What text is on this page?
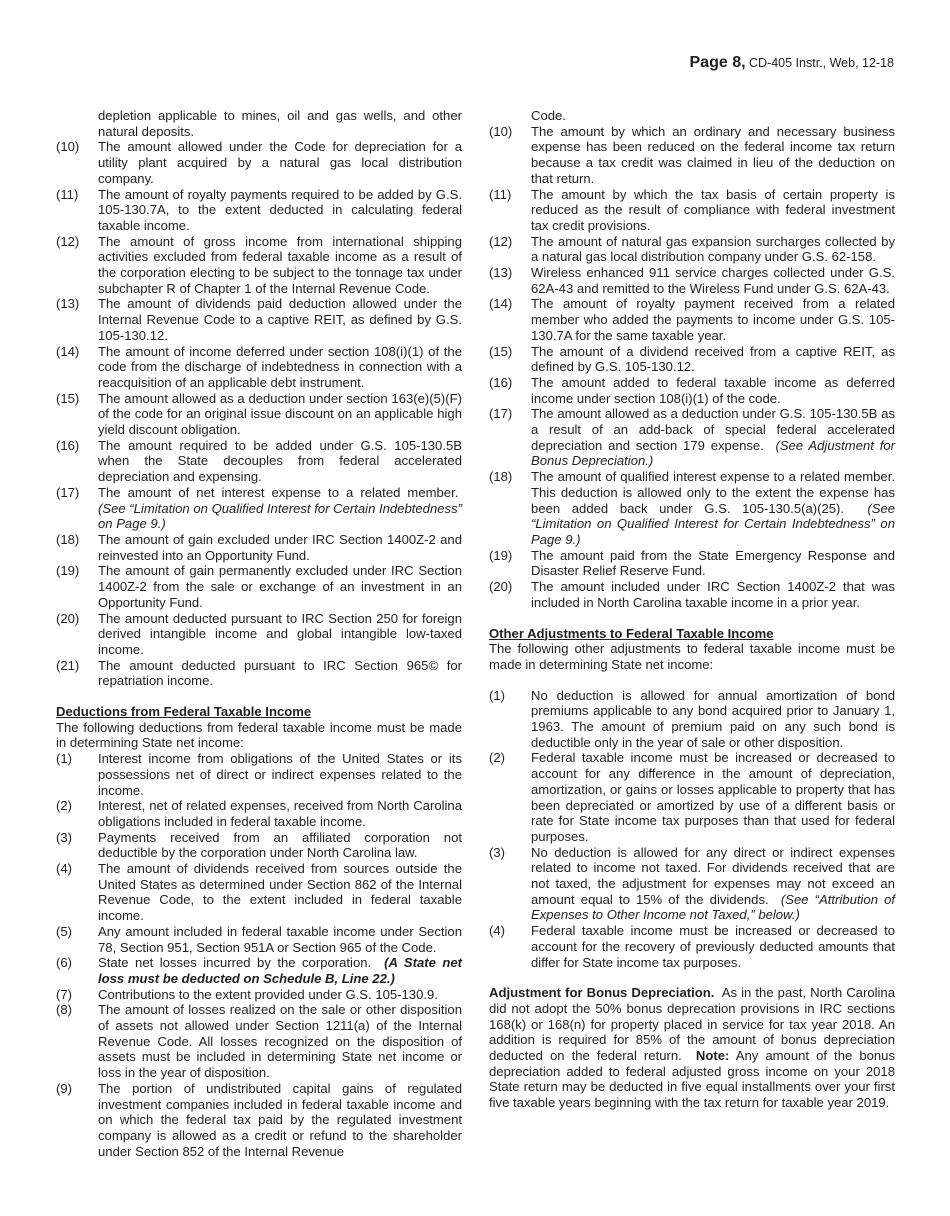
Page 8, CD-405 Instr., Web, 12-18
depletion applicable to mines, oil and gas wells, and other natural deposits.
(10)	The amount allowed under the Code for depreciation for a utility plant acquired by a natural gas local distribution company.
(11)	The amount of royalty payments required to be added by G.S. 105-130.7A, to the extent deducted in calculating federal taxable income.
(12)	The amount of gross income from international shipping activities excluded from federal taxable income as a result of the corporation electing to be subject to the tonnage tax under subchapter R of Chapter 1 of the Internal Revenue Code.
(13)	The amount of dividends paid deduction allowed under the Internal Revenue Code to a captive REIT, as defined by G.S. 105-130.12.
(14)	The amount of income deferred under section 108(i)(1) of the code from the discharge of indebtedness in connection with a reacquisition of an applicable debt instrument.
(15)	The amount allowed as a deduction under section 163(e)(5)(F) of the code for an original issue discount on an applicable high yield discount obligation.
(16)	The amount required to be added under G.S. 105-130.5B when the State decouples from federal accelerated depreciation and expensing.
(17)	The amount of net interest expense to a related member.  (See “Limitation on Qualified Interest for Certain Indebtedness” on Page 9.)
(18)	The amount of gain excluded under IRC Section 1400Z-2 and reinvested into an Opportunity Fund.
(19)	The amount of gain permanently excluded under IRC Section 1400Z-2 from the sale or exchange of an investment in an Opportunity Fund.
(20)	The amount deducted pursuant to IRC Section 250 for foreign derived intangible income and global intangible low-taxed income.
(21)	The amount deducted pursuant to IRC Section 965© for repatriation income.
Deductions from Federal Taxable Income
The following deductions from federal taxable income must be made in determining State net income:
(1)	Interest income from obligations of the United States or its possessions net of direct or indirect expenses related to the income.
(2)	Interest, net of related expenses, received from North Carolina obligations included in federal taxable income.
(3)	Payments received from an affiliated corporation not deductible by the corporation under North Carolina law.
(4)	The amount of dividends received from sources outside the United States as determined under Section 862 of the Internal Revenue Code, to the extent included in federal taxable income.
(5)	Any amount included in federal taxable income under Section 78, Section 951, Section 951A or Section 965 of the Code.
(6)	State net losses incurred by the corporation. (A State net loss must be deducted on Schedule B, Line 22.)
(7)	Contributions to the extent provided under G.S. 105-130.9.
(8)	The amount of losses realized on the sale or other disposition of assets not allowed under Section 1211(a) of the Internal Revenue Code. All losses recognized on the disposition of assets must be included in determining State net income or loss in the year of disposition.
(9)	The portion of undistributed capital gains of regulated investment companies included in federal taxable income and on which the federal tax paid by the regulated investment company is allowed as a credit or refund to the shareholder under Section 852 of the Internal Revenue
Code.
(10)	The amount by which an ordinary and necessary business expense has been reduced on the federal income tax return because a tax credit was claimed in lieu of the deduction on that return.
(11)	The amount by which the tax basis of certain property is reduced as the result of compliance with federal investment tax credit provisions.
(12)	The amount of natural gas expansion surcharges collected by a natural gas local distribution company under G.S. 62-158.
(13)	Wireless enhanced 911 service charges collected under G.S. 62A-43 and remitted to the Wireless Fund under G.S. 62A-43.
(14)	The amount of royalty payment received from a related member who added the payments to income under G.S. 105-130.7A for the same taxable year.
(15)	The amount of a dividend received from a captive REIT, as defined by G.S. 105-130.12.
(16)	The amount added to federal taxable income as deferred income under section 108(i)(1) of the code.
(17)	The amount allowed as a deduction under G.S. 105-130.5B as a result of an add-back of special federal accelerated depreciation and section 179 expense. (See Adjustment for Bonus Depreciation.)
(18)	The amount of qualified interest expense to a related member. This deduction is allowed only to the extent the expense has been added back under G.S. 105-130.5(a)(25). (See “Limitation on Qualified Interest for Certain Indebtedness” on Page 9.)
(19)	The amount paid from the State Emergency Response and Disaster Relief Reserve Fund.
(20)	The amount included under IRC Section 1400Z-2 that was included in North Carolina taxable income in a prior year.
Other Adjustments to Federal Taxable Income
The following other adjustments to federal taxable income must be made in determining State net income:
(1)	No deduction is allowed for annual amortization of bond premiums applicable to any bond acquired prior to January 1, 1963. The amount of premium paid on any such bond is deductible only in the year of sale or other disposition.
(2)	Federal taxable income must be increased or decreased to account for any difference in the amount of depreciation, amortization, or gains or losses applicable to property that has been depreciated or amortized by use of a different basis or rate for State income tax purposes than that used for federal purposes.
(3)	No deduction is allowed for any direct or indirect expenses related to income not taxed. For dividends received that are not taxed, the adjustment for expenses may not exceed an amount equal to 15% of the dividends. (See “Attribution of Expenses to Other Income not Taxed,” below.)
(4)	Federal taxable income must be increased or decreased to account for the recovery of previously deducted amounts that differ for State income tax purposes.
Adjustment for Bonus Depreciation. As in the past, North Carolina did not adopt the 50% bonus deprecation provisions in IRC sections 168(k) or 168(n) for property placed in service for tax year 2018. An addition is required for 85% of the amount of bonus depreciation deducted on the federal return. Note: Any amount of the bonus depreciation added to federal adjusted gross income on your 2018 State return may be deducted in five equal installments over your first five taxable years beginning with the tax return for taxable year 2019.
